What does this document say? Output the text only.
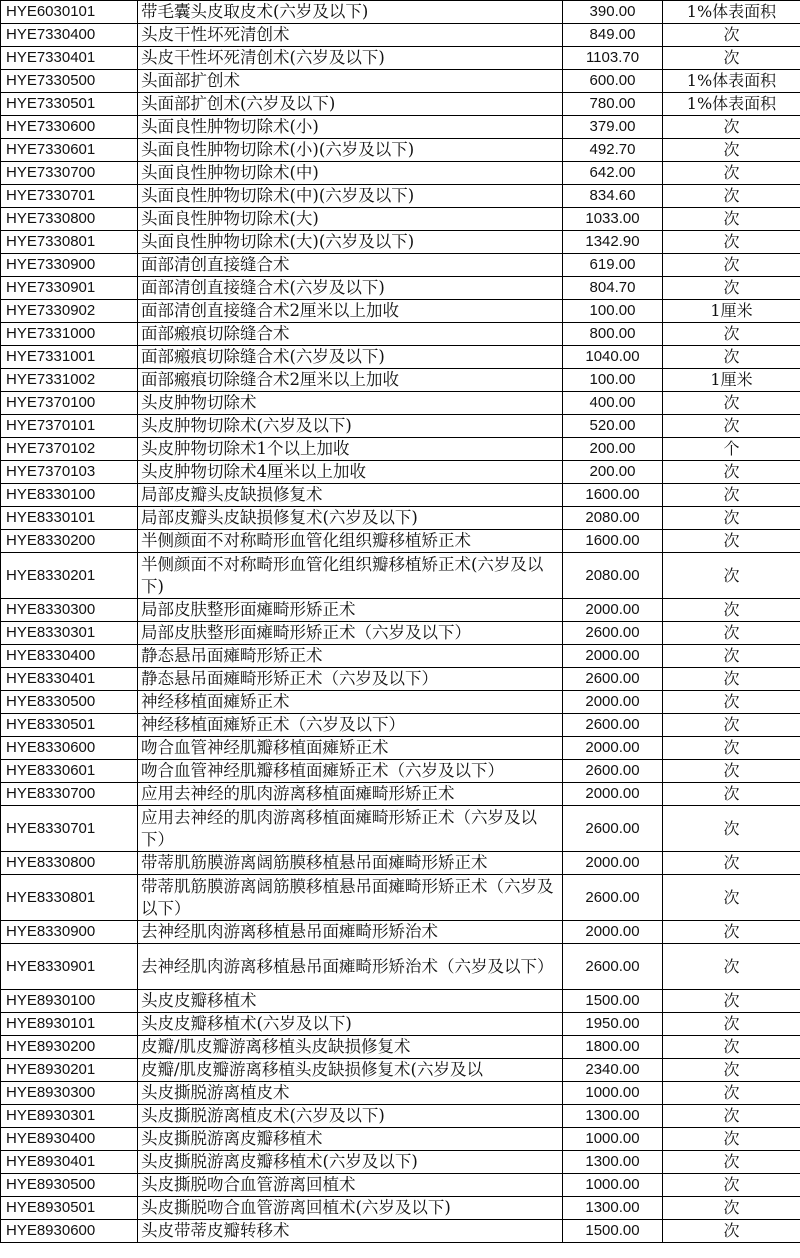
HYE6030101	带毛囊头皮取皮术(六岁及以下)	390.00	1%体表面积
HYE7330400	头皮干性坏死清创术	849.00	次
HYE7330401	头皮干性坏死清创术(六岁及以下)	1103.70	次
HYE7330500	头面部扩创术	600.00	1%体表面积
HYE7330501	头面部扩创术(六岁及以下)	780.00	1%体表面积
HYE7330600	头面良性肿物切除术(小)	379.00	次
HYE7330601	头面良性肿物切除术(小)(六岁及以下)	492.70	次
HYE7330700	头面良性肿物切除术(中)	642.00	次
HYE7330701	头面良性肿物切除术(中)(六岁及以下)	834.60	次
HYE7330800	头面良性肿物切除术(大)	1033.00	次
HYE7330801	头面良性肿物切除术(大)(六岁及以下)	1342.90	次
HYE7330900	面部清创直接缝合术	619.00	次
HYE7330901	面部清创直接缝合术(六岁及以下)	804.70	次
HYE7330902	面部清创直接缝合术2厘米以上加收	100.00	1厘米
HYE7331000	面部瘢痕切除缝合术	800.00	次
HYE7331001	面部瘢痕切除缝合术(六岁及以下)	1040.00	次
HYE7331002	面部瘢痕切除缝合术2厘米以上加收	100.00	1厘米
HYE7370100	头皮肿物切除术	400.00	次
HYE7370101	头皮肿物切除术(六岁及以下)	520.00	次
HYE7370102	头皮肿物切除术1个以上加收	200.00	个
HYE7370103	头皮肿物切除术4厘米以上加收	200.00	次
HYE8330100	局部皮瓣头皮缺损修复术	1600.00	次
HYE8330101	局部皮瓣头皮缺损修复术(六岁及以下)	2080.00	次
HYE8330200	半侧颜面不对称畸形血管化组织瓣移植矫正术	1600.00	次
HYE8330201	半侧颜面不对称畸形血管化组织瓣移植矫正术(六岁及以下)	2080.00	次
HYE8330300	局部皮肤整形面瘫畸形矫正术	2000.00	次
HYE8330301	局部皮肤整形面瘫畸形矫正术（六岁及以下）	2600.00	次
HYE8330400	静态悬吊面瘫畸形矫正术	2000.00	次
HYE8330401	静态悬吊面瘫畸形矫正术（六岁及以下）	2600.00	次
HYE8330500	神经移植面瘫矫正术	2000.00	次
HYE8330501	神经移植面瘫矫正术（六岁及以下）	2600.00	次
HYE8330600	吻合血管神经肌瓣移植面瘫矫正术	2000.00	次
HYE8330601	吻合血管神经肌瓣移植面瘫矫正术（六岁及以下）	2600.00	次
HYE8330700	应用去神经的肌肉游离移植面瘫畸形矫正术	2000.00	次
HYE8330701	应用去神经的肌肉游离移植面瘫畸形矫正术（六岁及以下）	2600.00	次
HYE8330800	带蒂肌筋膜游离阔筋膜移植悬吊面瘫畸形矫正术	2000.00	次
HYE8330801	带蒂肌筋膜游离阔筋膜移植悬吊面瘫畸形矫正术（六岁及以下）	2600.00	次
HYE8330900	去神经肌肉游离移植悬吊面瘫畸形矫治术	2000.00	次
HYE8330901	去神经肌肉游离移植悬吊面瘫畸形矫治术（六岁及以下）	2600.00	次
HYE8930100	头皮皮瓣移植术	1500.00	次
HYE8930101	头皮皮瓣移植术(六岁及以下)	1950.00	次
HYE8930200	皮瓣/肌皮瓣游离移植头皮缺损修复术	1800.00	次
HYE8930201	皮瓣/肌皮瓣游离移植头皮缺损修复术(六岁及以	2340.00	次
HYE8930300	头皮撕脱游离植皮术	1000.00	次
HYE8930301	头皮撕脱游离植皮术(六岁及以下)	1300.00	次
HYE8930400	头皮撕脱游离皮瓣移植术	1000.00	次
HYE8930401	头皮撕脱游离皮瓣移植术(六岁及以下)	1300.00	次
HYE8930500	头皮撕脱吻合血管游离回植术	1000.00	次
HYE8930501	头皮撕脱吻合血管游离回植术(六岁及以下)	1300.00	次
HYE8930600	头皮带蒂皮瓣转移术	1500.00	次
